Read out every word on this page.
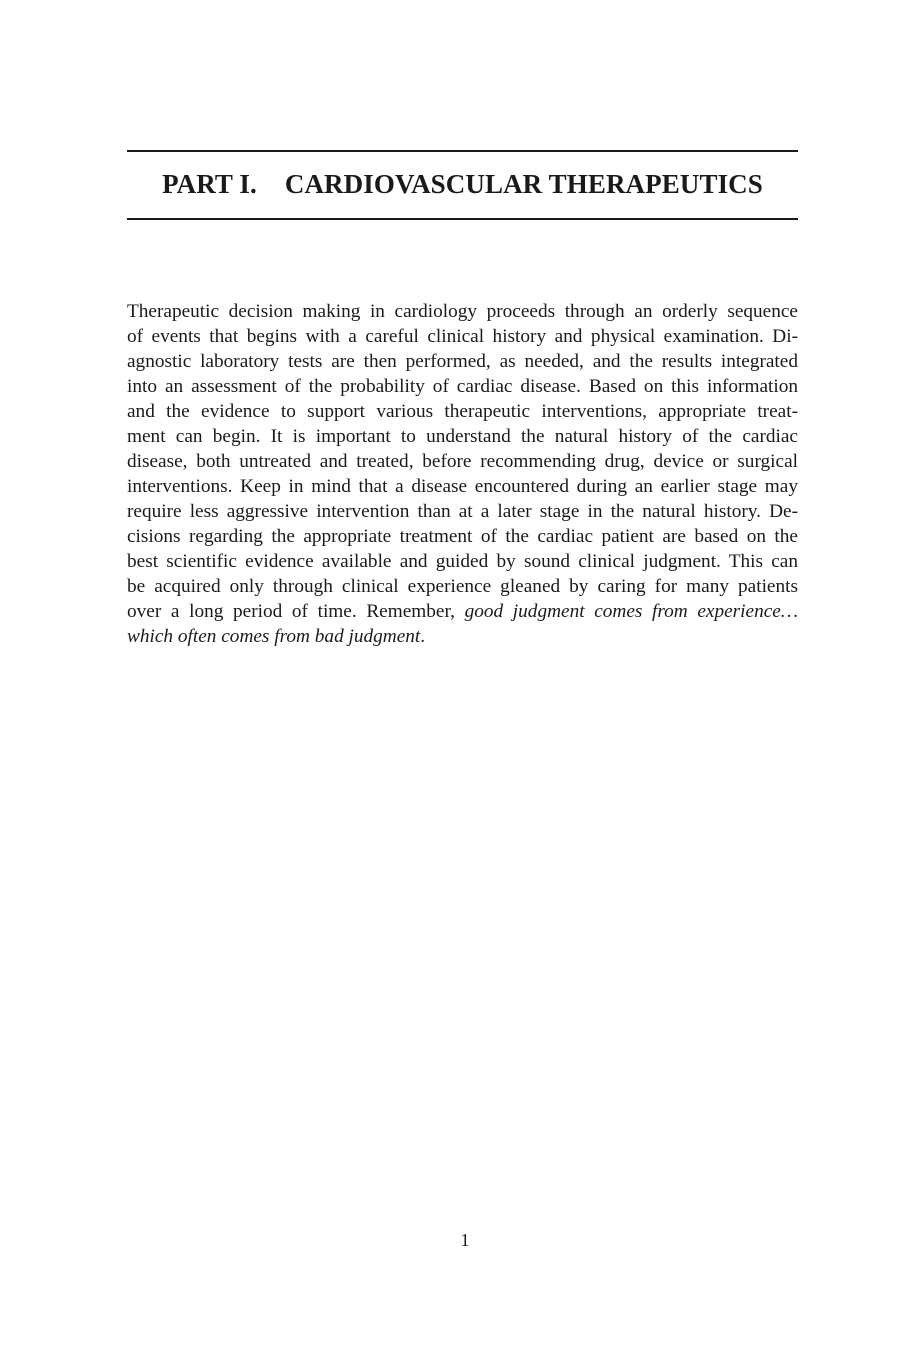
PART I. CARDIOVASCULAR THERAPEUTICS
Therapeutic decision making in cardiology proceeds through an orderly sequence
of events that begins with a careful clinical history and physical examination. Di-
agnostic laboratory tests are then performed, as needed, and the results integrated
into an assessment of the probability of cardiac disease. Based on this information
and the evidence to support various therapeutic interventions, appropriate treat-
ment can begin. It is important to understand the natural history of the cardiac
disease, both untreated and treated, before recommending drug, device or surgical
interventions. Keep in mind that a disease encountered during an earlier stage may
require less aggressive intervention than at a later stage in the natural history. De-
cisions regarding the appropriate treatment of the cardiac patient are based on the
best scientific evidence available and guided by sound clinical judgment. This can
be acquired only through clinical experience gleaned by caring for many patients
over a long period of time. Remember, good judgment comes from experience…
which often comes from bad judgment.
1
